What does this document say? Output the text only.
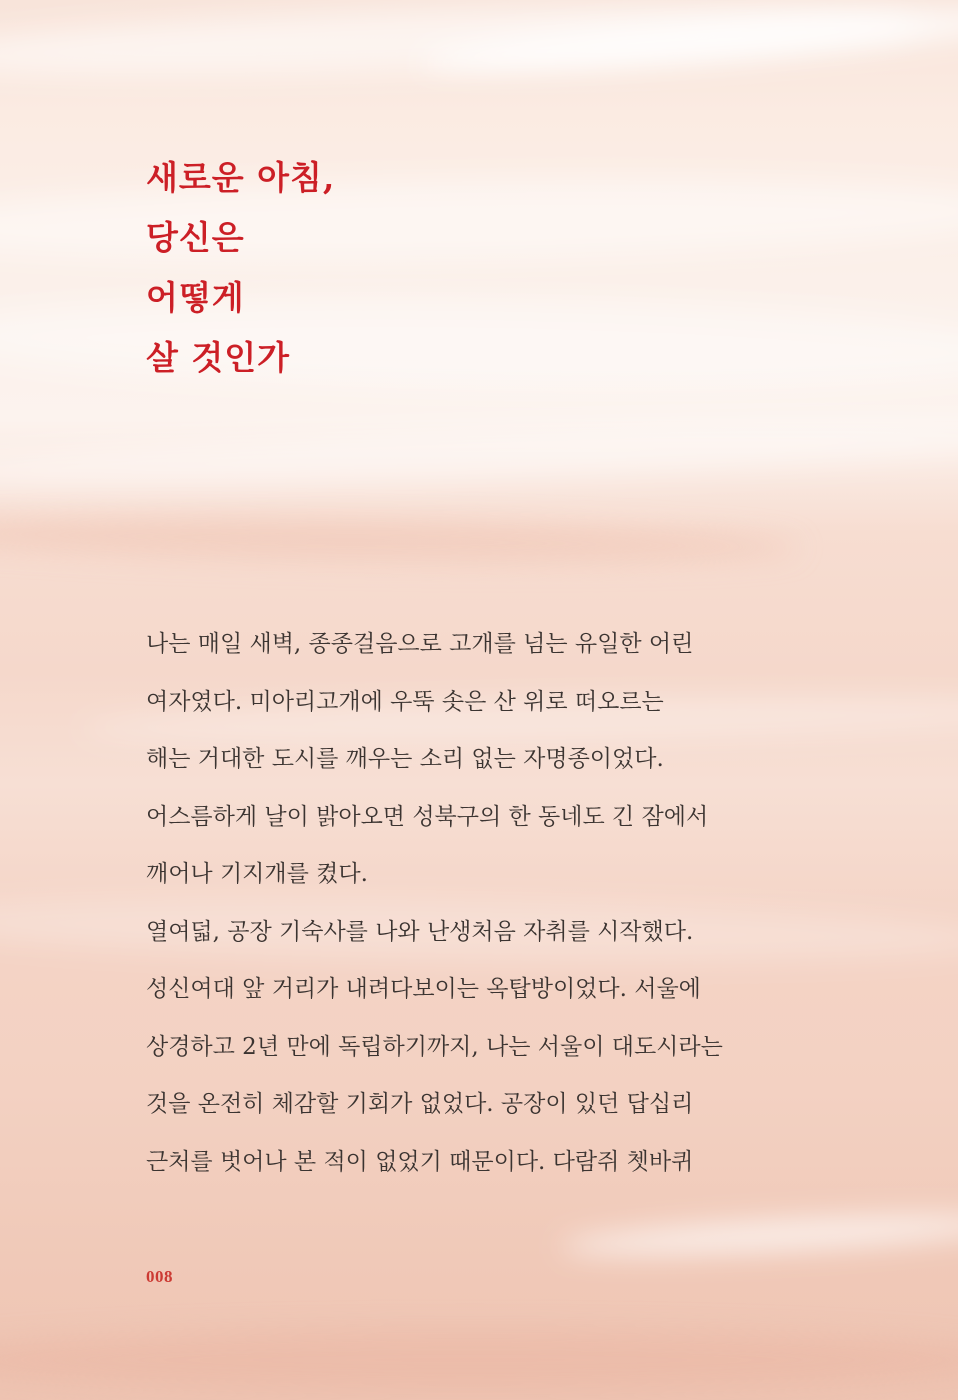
새로운 아침,
당신은
어떻게
살 것인가
나는 매일 새벽, 종종걸음으로 고개를 넘는 유일한 어린
여자였다. 미아리고개에 우뚝 솟은 산 위로 떠오르는
해는 거대한 도시를 깨우는 소리 없는 자명종이었다.
어스름하게 날이 밝아오면 성북구의 한 동네도 긴 잠에서
깨어나 기지개를 켰다.
열여덟, 공장 기숙사를 나와 난생처음 자취를 시작했다.
성신여대 앞 거리가 내려다보이는 옥탑방이었다. 서울에
상경하고 2년 만에 독립하기까지, 나는 서울이 대도시라는
것을 온전히 체감할 기회가 없었다. 공장이 있던 답십리
근처를 벗어나 본 적이 없었기 때문이다. 다람쥐 쳇바퀴
008
